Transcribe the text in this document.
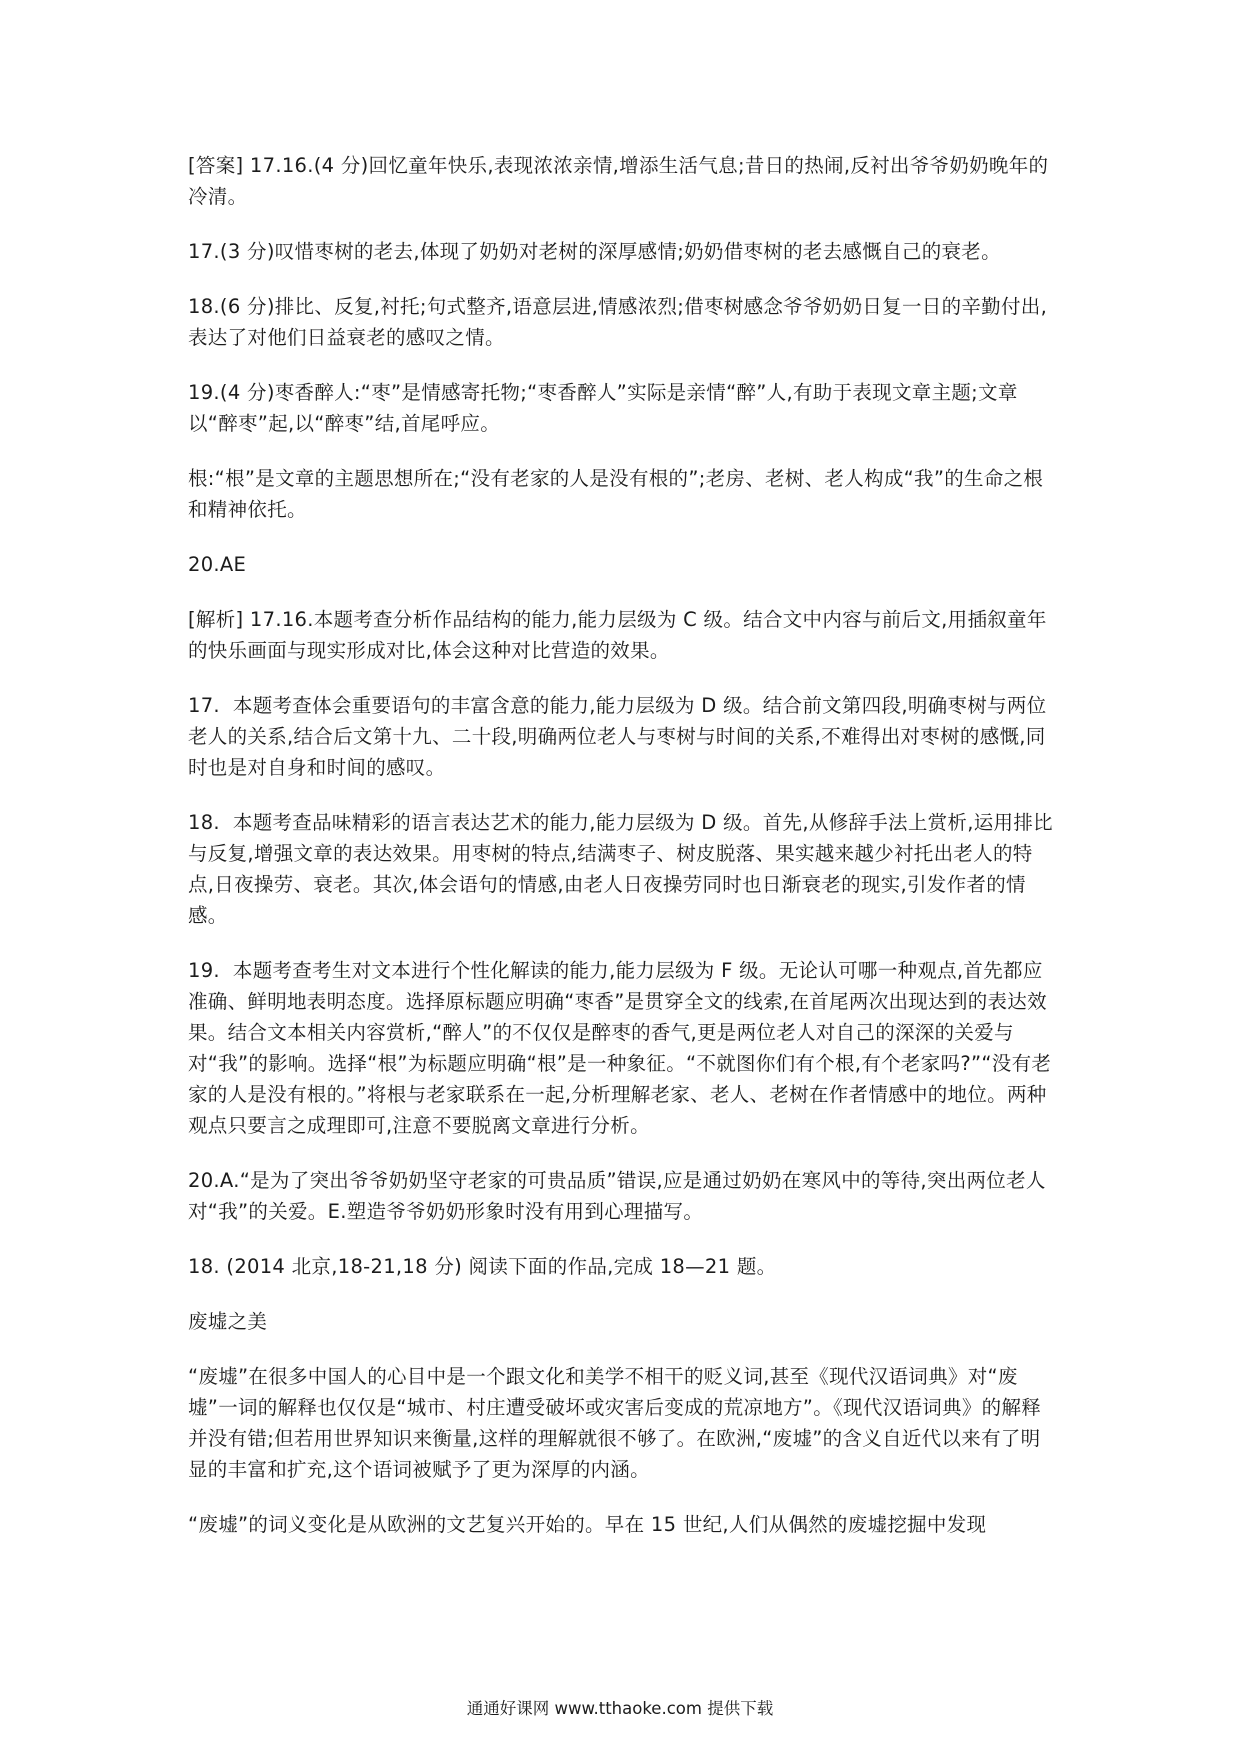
[答案] 17.16.(4 分)回忆童年快乐,表现浓浓亲情,增添生活气息;昔日的热闹,反衬出爷爷奶奶晚年的冷清。

17.(3 分)叹惜枣树的老去,体现了奶奶对老树的深厚感情;奶奶借枣树的老去感慨自己的衰老。

18.(6 分)排比、反复,衬托;句式整齐,语意层进,情感浓烈;借枣树感念爷爷奶奶日复一日的辛勤付出,表达了对他们日益衰老的感叹之情。

19.(4 分)枣香醉人:“枣”是情感寄托物;“枣香醉人”实际是亲情“醉”人,有助于表现文章主题;文章以“醉枣”起,以“醉枣”结,首尾呼应。

根:“根”是文章的主题思想所在;“没有老家的人是没有根的”;老房、老树、老人构成“我”的生命之根和精神依托。

20.AE

[解析] 17.16.本题考查分析作品结构的能力,能力层级为 C 级。结合文中内容与前后文,用插叙童年的快乐画面与现实形成对比,体会这种对比营造的效果。

17.  本题考查体会重要语句的丰富含意的能力,能力层级为 D 级。结合前文第四段,明确枣树与两位老人的关系,结合后文第十九、二十段,明确两位老人与枣树与时间的关系,不难得出对枣树的感慨,同时也是对自身和时间的感叹。

18.  本题考查品味精彩的语言表达艺术的能力,能力层级为 D 级。首先,从修辞手法上赏析,运用排比与反复,增强文章的表达效果。用枣树的特点,结满枣子、树皮脱落、果实越来越少衬托出老人的特点,日夜操劳、衰老。其次,体会语句的情感,由老人日夜操劳同时也日渐衰老的现实,引发作者的情感。

19.  本题考查考生对文本进行个性化解读的能力,能力层级为 F 级。无论认可哪一种观点,首先都应准确、鲜明地表明态度。选择原标题应明确“枣香”是贯穿全文的线索,在首尾两次出现达到的表达效果。结合文本相关内容赏析,“醉人”的不仅仅是醉枣的香气,更是两位老人对自己的深深的关爱与对“我”的影响。选择“根”为标题应明确“根”是一种象征。“不就图你们有个根,有个老家吗?”“没有老家的人是没有根的。”将根与老家联系在一起,分析理解老家、老人、老树在作者情感中的地位。两种观点只要言之成理即可,注意不要脱离文章进行分析。

20.A.“是为了突出爷爷奶奶坚守老家的可贵品质”错误,应是通过奶奶在寒风中的等待,突出两位老人对“我”的关爱。E.塑造爷爷奶奶形象时没有用到心理描写。

18. (2014 北京,18-21,18 分) 阅读下面的作品,完成 18—21 题。

废墟之美

“废墟”在很多中国人的心目中是一个跟文化和美学不相干的贬义词,甚至《现代汉语词典》对“废墟”一词的解释也仅仅是“城市、村庄遭受破坏或灾害后变成的荒凉地方”。《现代汉语词典》的解释并没有错;但若用世界知识来衡量,这样的理解就很不够了。在欧洲,“废墟”的含义自近代以来有了明显的丰富和扩充,这个语词被赋予了更为深厚的内涵。

“废墟”的词义变化是从欧洲的文艺复兴开始的。早在 15 世纪,人们从偶然的废墟挖掘中发现

通通好课网 www.tthaoke.com 提供下载
